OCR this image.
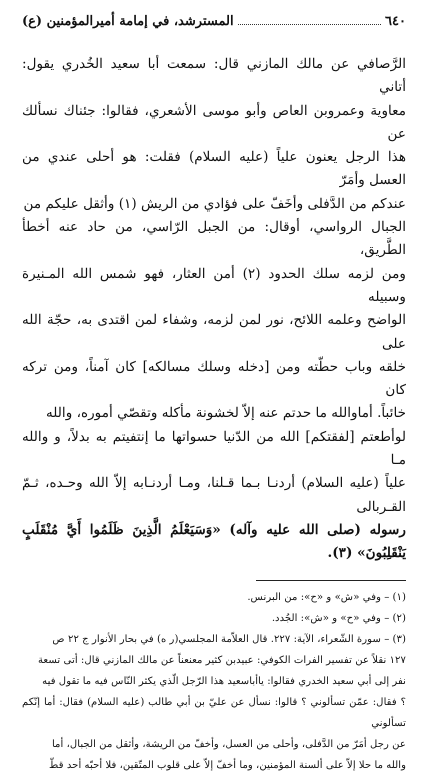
٦٤٠
المسترشد، في إمامة أميرالمؤمنين (ع)

الرَّصافي عن مالك المازني قال: سمعت أبا سعيد الخُدري يقول: أتاني

معاوية وعمروبن العاص وأبو موسى الأشعري، فقالوا: جئناك نسألك عن

هذا الرجل يعنون علياً (عليه السلام) فقلت: هو أحلى عندي من العسل وأمَرّ

عندكم من الدَّفلى وأخَفّ على فؤادي من الريش (١) وأثقل عليكم من

الجبال الرواسي، أوقال: من الجبل الرّاسي، من حاد عنه أخطأ الطَّريق،

ومن لزمه سلك الحدود (٢) أمن العثار، فهو شمس الله المـنيرة وسبيله

الواضح وعلمه اللائح، نور لمن لزمه، وشفاء لمن اقتدى به، حجّة الله على

خلقه وباب حطّته ومن [دخله وسلك مسالكه] كان آمناً، ومن تركه كان

خائباً. أماوالله ما حدتم عنه إلاّ لخشونة مأكله وتقصّي أموره، والله

لوأطعتم [لفقتكم] الله من الدّنيا حسواتها ما إنتفيتم به بدلاً، و والله مـا

علياً (عليه السلام) أردنـا بـما قـلنا، ومـا أردنـابه إلاّ الله وحـده، ثـمّ القـربالى

رسوله (صلى الله عليه وآله) «وَسَيَعْلَمُ الَّذِينَ ظَلَمُوا أَيَّ مُنْقَلَبٍ يَنْقَلِبُونَ» (٣).

(١) – وفي «ش» و «ح»: من البرنس.

(٢) – وفي «ح» و «ش»: الجُدد.

(٣) – سورة الشّعراء، الآية: ٢٢٧. قال العلاّمة المجلسي(ر ه) في بحار الأنوار ج ٢٢ ص

١٢٧ نقلاً عن تفسير الفرات الكوفي: عبيدبن كثير معنعناً عن مالك المازني قال: أتى تسعة

نفر إلى أبي سعيد الخدري فقالوا: ياأباسعيد هذا الرّجل الّذي يكثر النّاس فيه ما تقول فيه

؟ فقال: عمّن تسألوني ؟ قالوا: نسأل عن عليّ بن أبي طالب (عليه السلام) فقال: أما إنّكم تسألوني

عن رجل أمَرّ من الدَّفلى، وأحلى من العسل، وأخفّ من الريشة، وأثقل من الجبال، أما

والله ما حلا إلاّ على ألسنة المؤمنين، وما أخفّ إلاّ على قلوب المتّقين، فلا أحبّه أحد قطّ
